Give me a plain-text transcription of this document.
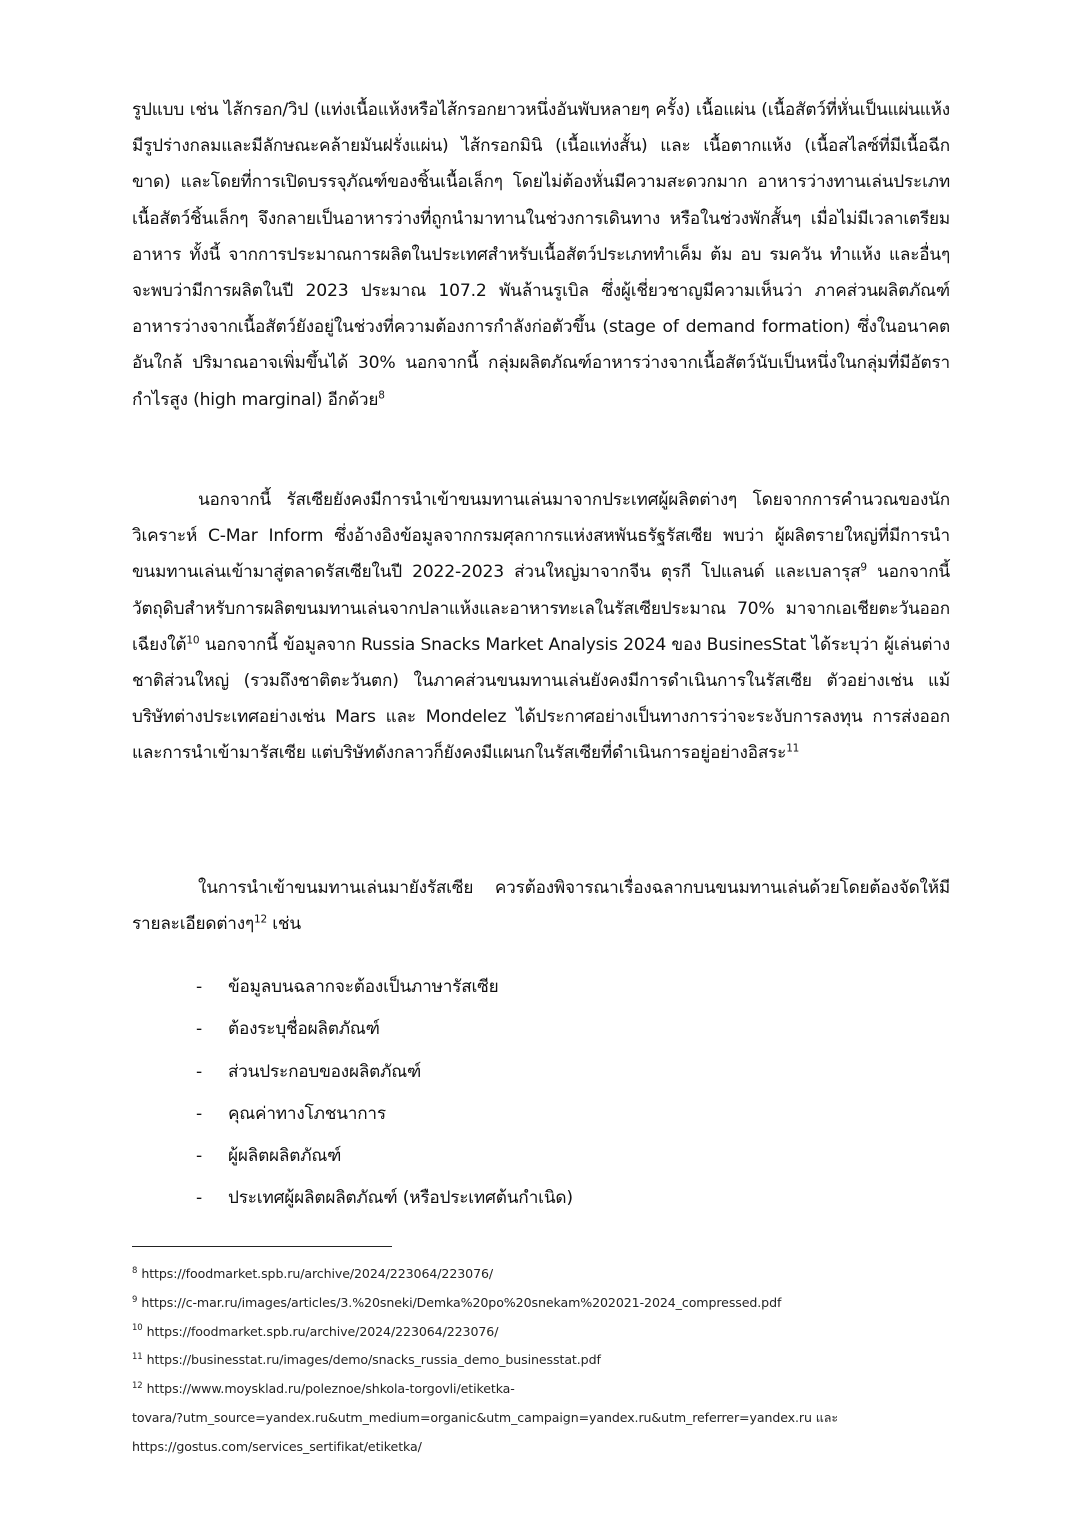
รูปแบบ เช่น ไส้กรอก/วิป (แท่งเนื้อแห้งหรือไส้กรอกยาวหนึ่งอันพับหลายๆ ครั้ง) เนื้อแผ่น (เนื้อสัตว์ที่หั่นเป็นแผ่นแห้งมีรูปร่างกลมและมีลักษณะคล้ายมันฝรั่งแผ่น) ไส้กรอกมินิ (เนื้อแท่งสั้น) และ เนื้อตากแห้ง (เนื้อสไลซ์ที่มีเนื้อฉีกขาด) และโดยที่การเปิดบรรจุภัณฑ์ของชิ้นเนื้อเล็กๆ โดยไม่ต้องหั่นมีความสะดวกมาก อาหารว่างทานเล่นประเภทเนื้อสัตว์ชิ้นเล็กๆ จึงกลายเป็นอาหารว่างที่ถูกนำมาทานในช่วงการเดินทาง หรือในช่วงพักสั้นๆ เมื่อไม่มีเวลาเตรียมอาหาร ทั้งนี้ จากการประมาณการผลิตในประเทศสำหรับเนื้อสัตว์ประเภททำเค็ม ต้ม อบ รมควัน ทำแห้ง และอื่นๆ จะพบว่ามีการผลิตในปี 2023 ประมาณ 107.2 พันล้านรูเบิล ซึ่งผู้เชี่ยวชาญมีความเห็นว่า ภาคส่วนผลิตภัณฑ์อาหารว่างจากเนื้อสัตว์ยังอยู่ในช่วงที่ความต้องการกำลังก่อตัวขึ้น (stage of demand formation) ซึ่งในอนาคตอันใกล้ ปริมาณอาจเพิ่มขึ้นได้ 30% นอกจากนี้ กลุ่มผลิตภัณฑ์อาหารว่างจากเนื้อสัตว์นับเป็นหนึ่งในกลุ่มที่มีอัตรากำไรสูง (high marginal) อีกด้วย$^8$
นอกจากนี้ รัสเซียยังคงมีการนำเข้าขนมทานเล่นมาจากประเทศผู้ผลิตต่างๆ โดยจากการคำนวณของนักวิเคราะห์ C-Mar Inform ซึ่งอ้างอิงข้อมูลจากกรมศุลกากรแห่งสหพันธรัฐรัสเซีย พบว่า ผู้ผลิตรายใหญ่ที่มีการนำขนมทานเล่นเข้ามาสู่ตลาดรัสเซียในปี 2022-2023 ส่วนใหญ่มาจากจีน ตุรกี โปแลนด์ และเบลารุส$^9$ นอกจากนี้ วัตถุดิบสำหรับการผลิตขนมทานเล่นจากปลาแห้งและอาหารทะเลในรัสเซียประมาณ 70% มาจากเอเชียตะวันออกเฉียงใต้$^{10}$ นอกจากนี้ ข้อมูลจาก Russia Snacks Market Analysis 2024 ของ BusinesStat ได้ระบุว่า ผู้เล่นต่างชาติส่วนใหญ่ (รวมถึงชาติตะวันตก) ในภาคส่วนขนมทานเล่นยังคงมีการดำเนินการในรัสเซีย ตัวอย่างเช่น แม้บริษัทต่างประเทศอย่างเช่น Mars และ Mondelez ได้ประกาศอย่างเป็นทางการว่าจะระงับการลงทุน การส่งออก และการนำเข้ามารัสเซีย แต่บริษัทดังกลาวก็ยังคงมีแผนกในรัสเซียที่ดำเนินการอยู่อย่างอิสระ$^{11}$
ในการนำเข้าขนมทานเล่นมายังรัสเซีย ควรต้องพิจารณาเรื่องฉลากบนขนมทานเล่นด้วยโดยต้องจัดให้มีรายละเอียดต่างๆ$^{12}$ เช่น
-	ข้อมูลบนฉลากจะต้องเป็นภาษารัสเซีย
-	ต้องระบุชื่อผลิตภัณฑ์
-	ส่วนประกอบของผลิตภัณฑ์
-	คุณค่าทางโภชนาการ
-	ผู้ผลิตผลิตภัณฑ์
-	ประเทศผู้ผลิตผลิตภัณฑ์ (หรือประเทศต้นกำเนิด)
$^8$ https://foodmarket.spb.ru/archive/2024/223064/223076/
$^9$ https://c-mar.ru/images/articles/3.%20sneki/Demka%20po%20snekam%202021-2024_compressed.pdf
$^{10}$ https://foodmarket.spb.ru/archive/2024/223064/223076/
$^{11}$ https://businesstat.ru/images/demo/snacks_russia_demo_businesstat.pdf
$^{12}$ https://www.moysklad.ru/poleznoe/shkola-torgovli/etiketka-
tovara/?utm_source=yandex.ru&utm_medium=organic&utm_campaign=yandex.ru&utm_referrer=yandex.ru และ
https://gostus.com/services_sertifikat/etiketka/
